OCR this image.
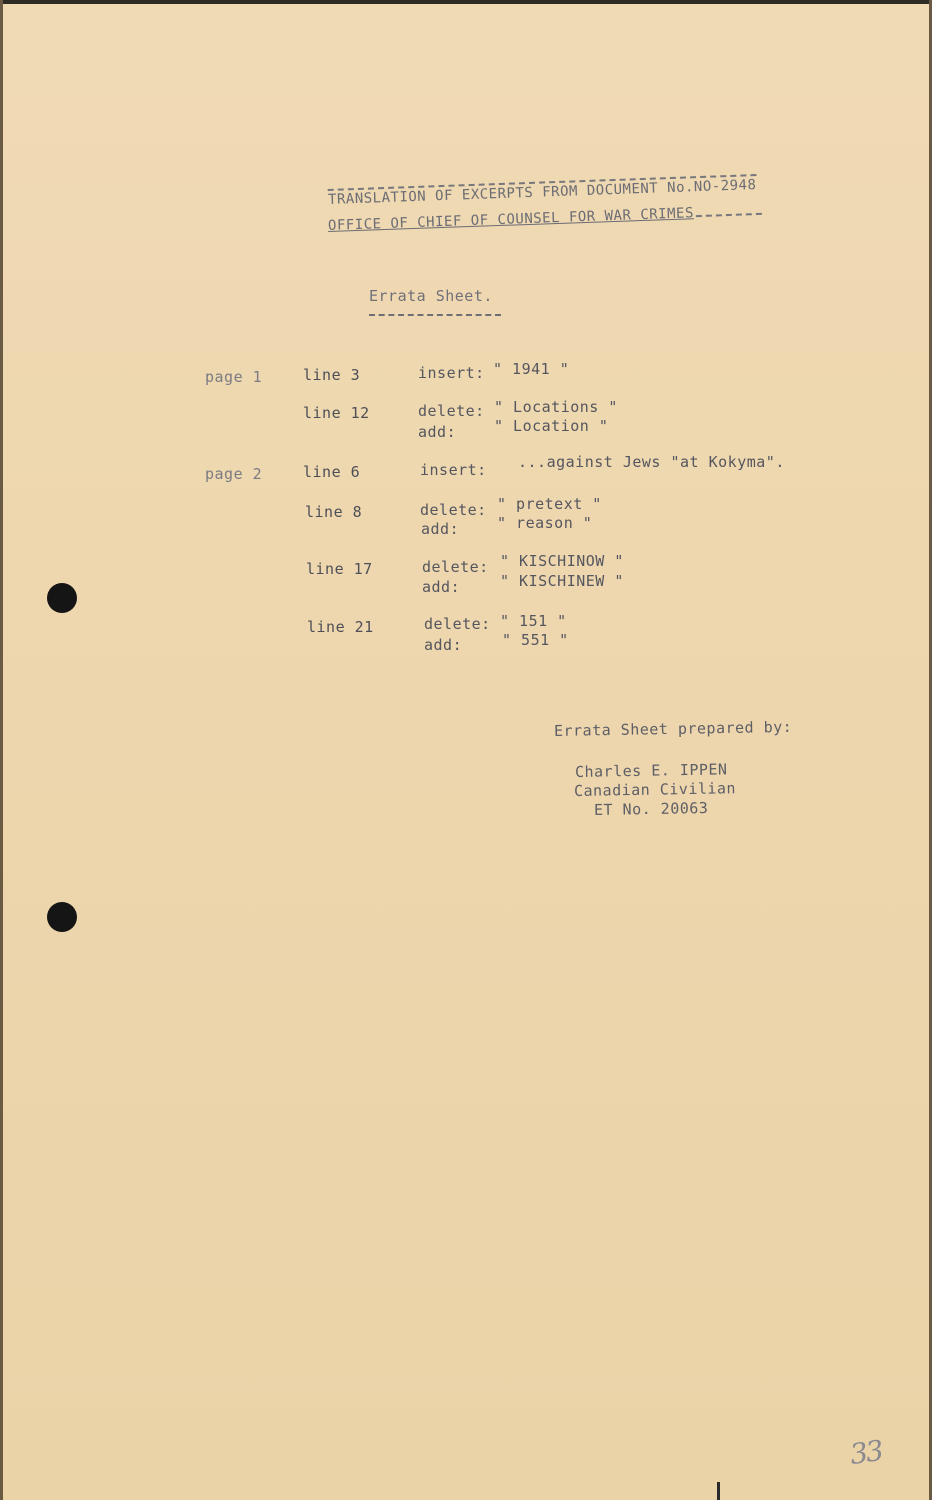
TRANSLATION OF EXCERPTS FROM DOCUMENT No.NO-2948
OFFICE OF CHIEF OF COUNSEL FOR WAR CRIMES
Errata Sheet.
page 1	line 3	insert: " 1941 "
line 12	delete: " Locations "
add:	" Location "
page 2	line 6	insert: ...against Jews "at Kokyma".
line 8	delete: " pretext "
add:	" reason "
line 17	delete: " KISCHINOW "
add:	" KISCHINEW "
line 21	delete: " 151 "
add:	" 551 "
Errata Sheet prepared by:
Charles E. IPPEN
Canadian Civilian
ET No. 20063
33
